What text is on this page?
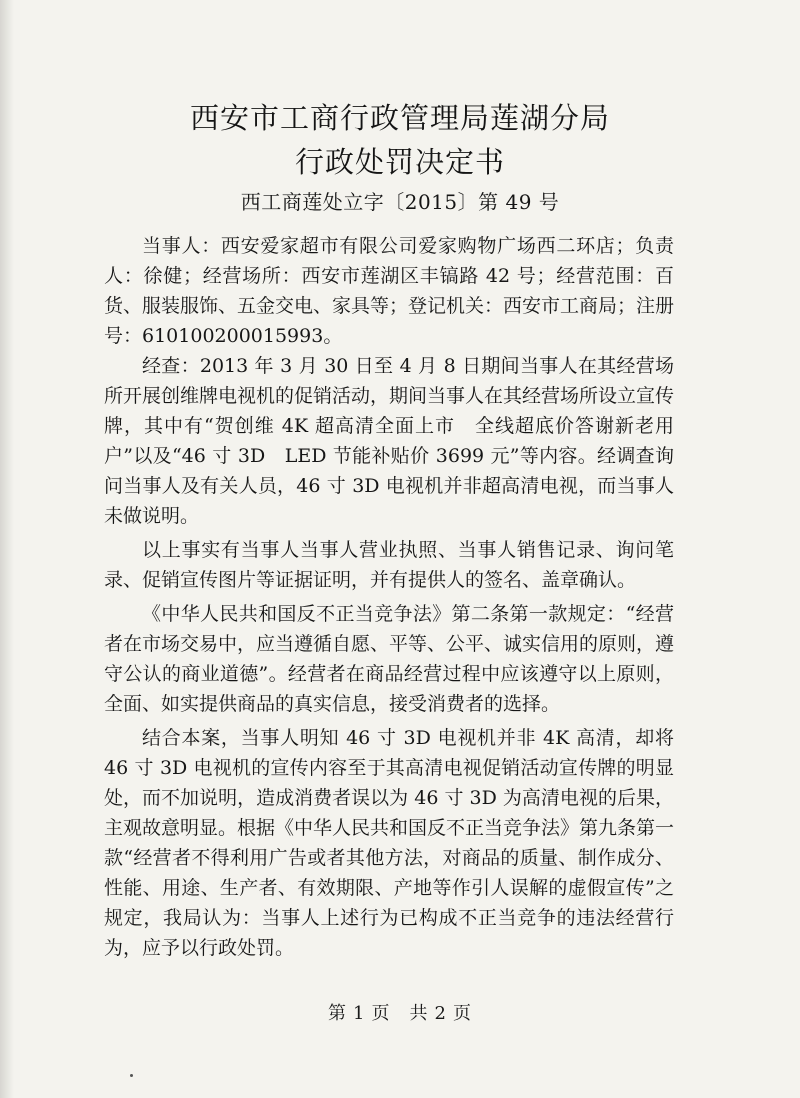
西安市工商行政管理局莲湖分局
行政处罚决定书
西工商莲处立字〔2015〕第 49 号

当事人：西安爱家超市有限公司爱家购物广场西二环店；负责人：徐健；经营场所：西安市莲湖区丰镐路 42 号；经营范围：百货、服装服饰、五金交电、家具等；登记机关：西安市工商局；注册号：610100200015993。

经查：2013 年 3 月 30 日至 4 月 8 日期间当事人在其经营场所开展创维牌电视机的促销活动，期间当事人在其经营场所设立宣传牌，其中有“贺创维 4K 超高清全面上市　全线超底价答谢新老用户”以及“46 寸 3D　LED 节能补贴价 3699 元”等内容。经调查询问当事人及有关人员，46 寸 3D 电视机并非超高清电视，而当事人未做说明。

以上事实有当事人当事人营业执照、当事人销售记录、询问笔录、促销宣传图片等证据证明，并有提供人的签名、盖章确认。

《中华人民共和国反不正当竞争法》第二条第一款规定：“经营者在市场交易中，应当遵循自愿、平等、公平、诚实信用的原则，遵守公认的商业道德”。经营者在商品经营过程中应该遵守以上原则，全面、如实提供商品的真实信息，接受消费者的选择。

结合本案，当事人明知 46 寸 3D 电视机并非 4K 高清，却将 46 寸 3D 电视机的宣传内容至于其高清电视促销活动宣传牌的明显处，而不加说明，造成消费者误以为 46 寸 3D 为高清电视的后果，主观故意明显。根据《中华人民共和国反不正当竞争法》第九条第一款“经营者不得利用广告或者其他方法，对商品的质量、制作成分、性能、用途、生产者、有效期限、产地等作引人误解的虚假宣传”之规定，我局认为：当事人上述行为已构成不正当竞争的违法经营行为，应予以行政处罚。

第 1 页　共 2 页
